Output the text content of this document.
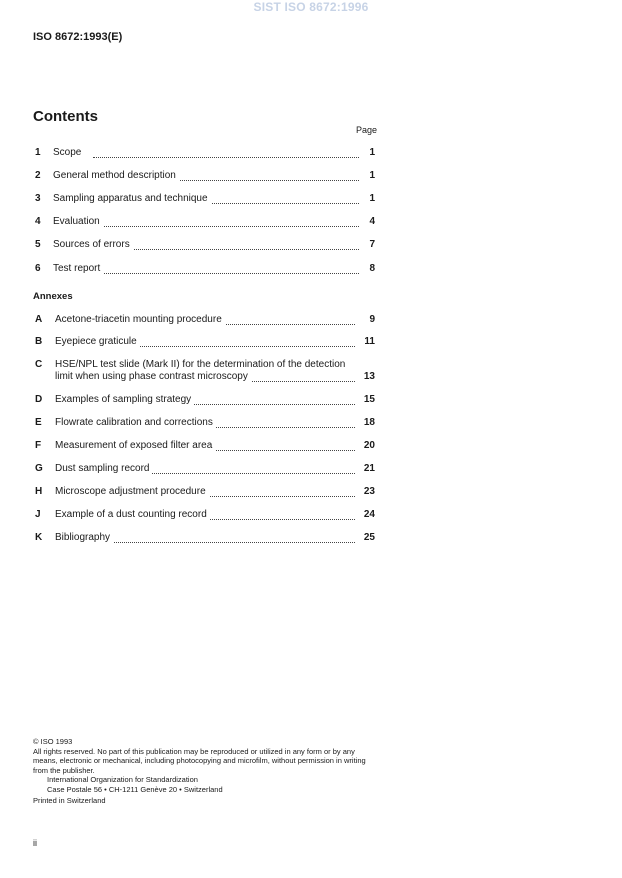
SIST ISO 8672:1996
ISO 8672:1993(E)
Contents
Page
1 Scope	1
2 General method description	1
3 Sampling apparatus and technique	1
4 Evaluation	4
5 Sources of errors	7
6 Test report	8
Annexes
A Acetone-triacetin mounting procedure	9
B Eyepiece graticule	11
C HSE/NPL test slide (Mark II) for the determination of the detection
limit when using phase contrast microscopy	13
D Examples of sampling strategy	15
E Flowrate calibration and corrections	18
F Measurement of exposed filter area	20
G Dust sampling record	21
H Microscope adjustment procedure	23
J Example of a dust counting record	24
K Bibliography	25
© ISO 1993
All rights reserved. No part of this publication may be reproduced or utilized in any form or by any means, electronic or mechanical, including photocopying and microfilm, without permission in writing from the publisher.
International Organization for Standardization
Case Postale 56 • CH-1211 Genève 20 • Switzerland
Printed in Switzerland
ii
